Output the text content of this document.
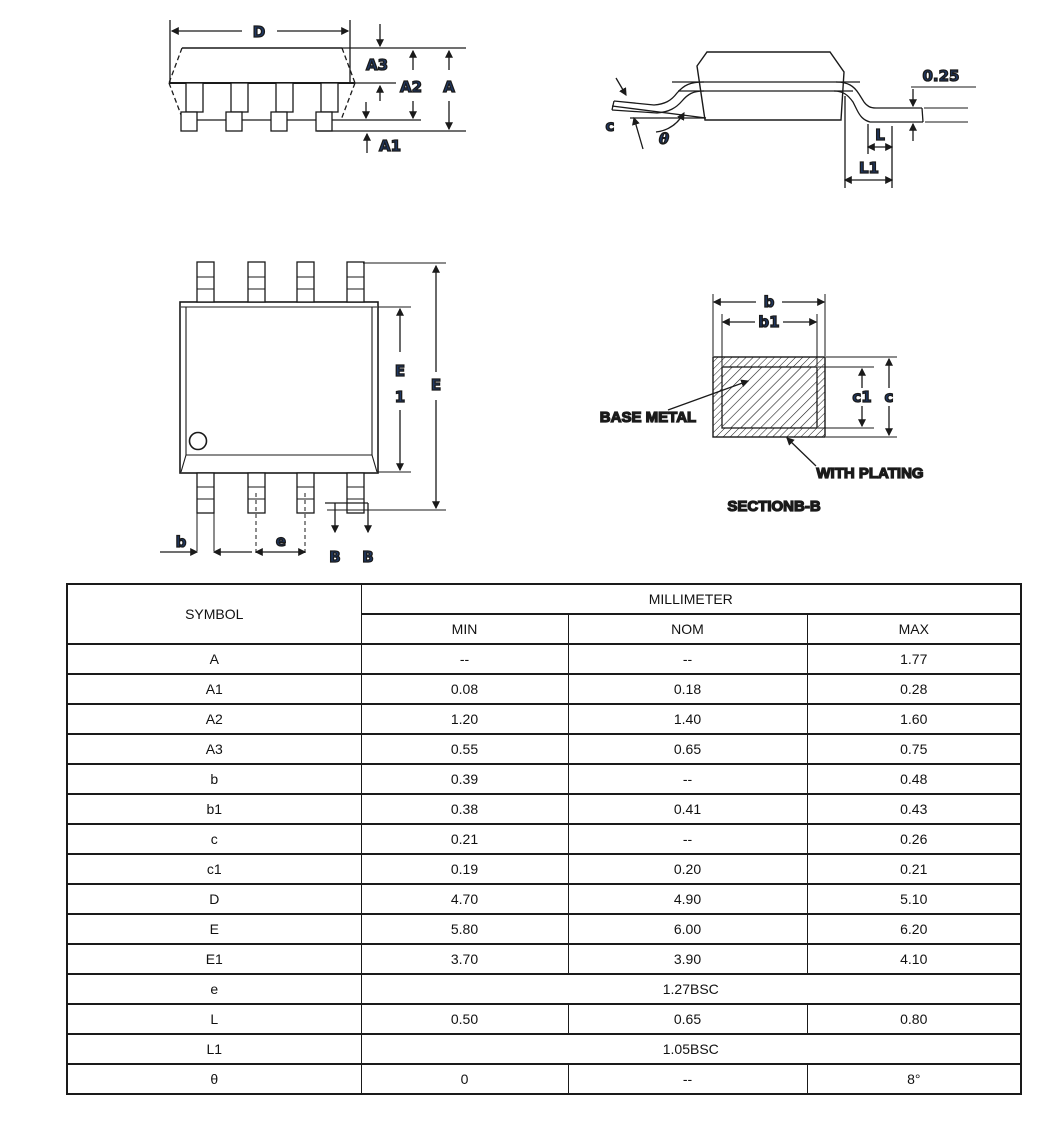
D
A3
A2 A
A1
c
θ
0.25
L
L1
b	e
B B
E
1
E
b
b1
c1 c
BASE METAL
WITH PLATING
SECTIONB-B
SYMBOL	MILLIMETER		
	MIN	NOM	MAX
A	--	--	1.77
A1	0.08	0.18	0.28
A2	1.20	1.40	1.60
A3	0.55	0.65	0.75
b	0.39	--	0.48
b1	0.38	0.41	0.43
c	0.21	--	0.26
c1	0.19	0.20	0.21
D	4.70	4.90	5.10
E	5.80	6.00	6.20
E1	3.70	3.90	4.10
e	1.27BSC		
L	0.50	0.65	0.80
L1	1.05BSC		
θ	0	--	8°
